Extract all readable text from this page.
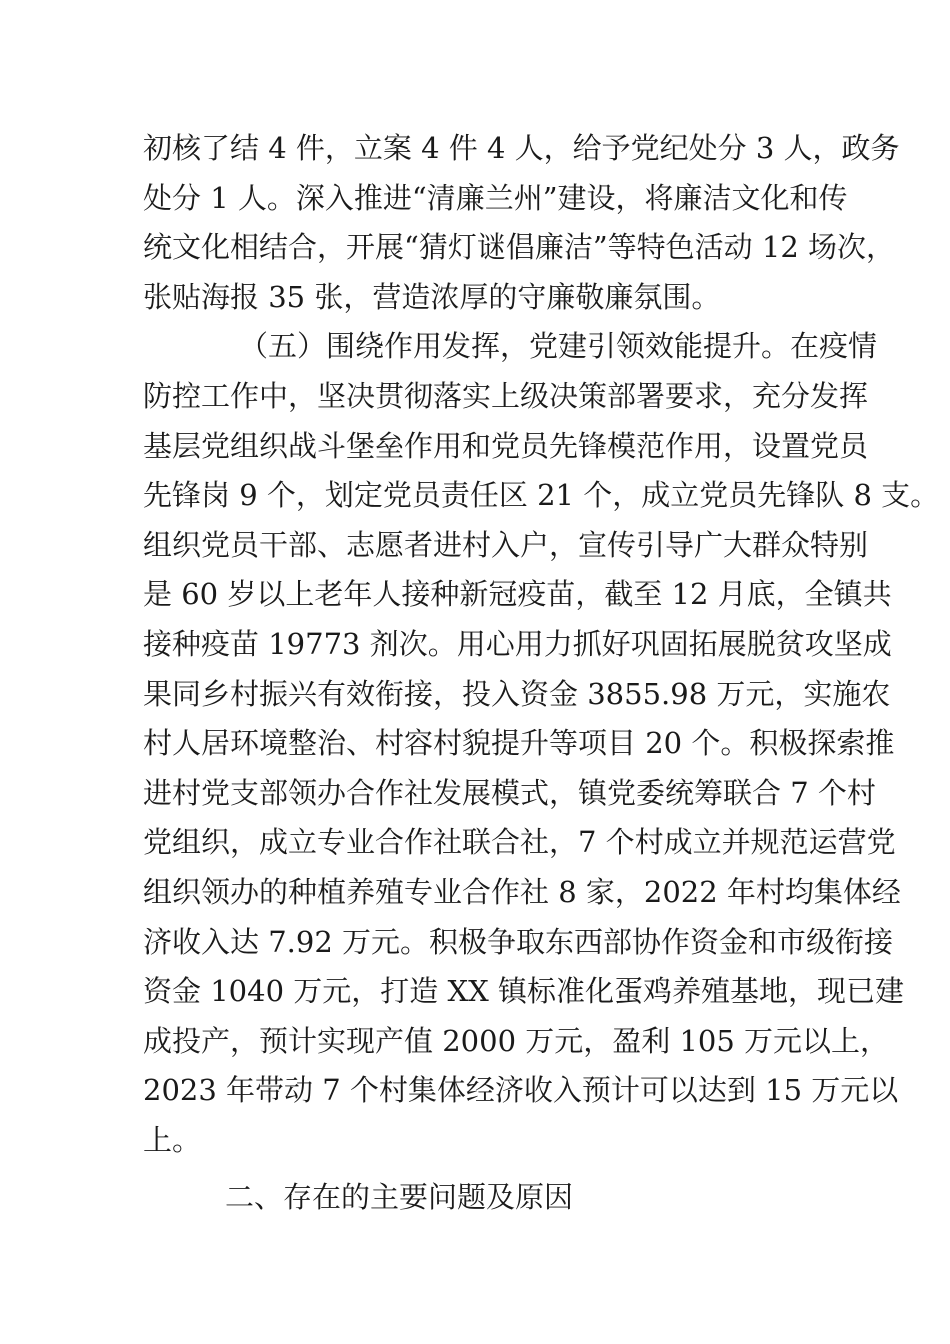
初核了结 4 件，立案 4 件 4 人，给予党纪处分 3 人，政务
处分 1 人。深入推进“清廉兰州”建设，将廉洁文化和传
统文化相结合，开展“猜灯谜倡廉洁”等特色活动 12 场次，
张贴海报 35 张，营造浓厚的守廉敬廉氛围。
（五）围绕作用发挥，党建引领效能提升。在疫情
防控工作中，坚决贯彻落实上级决策部署要求，充分发挥
基层党组织战斗堡垒作用和党员先锋模范作用，设置党员
先锋岗 9 个，划定党员责任区 21 个，成立党员先锋队 8 支。
组织党员干部、志愿者进村入户，宣传引导广大群众特别
是 60 岁以上老年人接种新冠疫苗，截至 12 月底，全镇共
接种疫苗 19773 剂次。用心用力抓好巩固拓展脱贫攻坚成
果同乡村振兴有效衔接，投入资金 3855.98 万元，实施农
村人居环境整治、村容村貌提升等项目 20 个。积极探索推
进村党支部领办合作社发展模式，镇党委统筹联合 7 个村
党组织，成立专业合作社联合社，7 个村成立并规范运营党
组织领办的种植养殖专业合作社 8 家，2022 年村均集体经
济收入达 7.92 万元。积极争取东西部协作资金和市级衔接
资金 1040 万元，打造 XX 镇标准化蛋鸡养殖基地，现已建
成投产，预计实现产值 2000 万元，盈利 105 万元以上，
2023 年带动 7 个村集体经济收入预计可以达到 15 万元以
上。
二、存在的主要问题及原因
